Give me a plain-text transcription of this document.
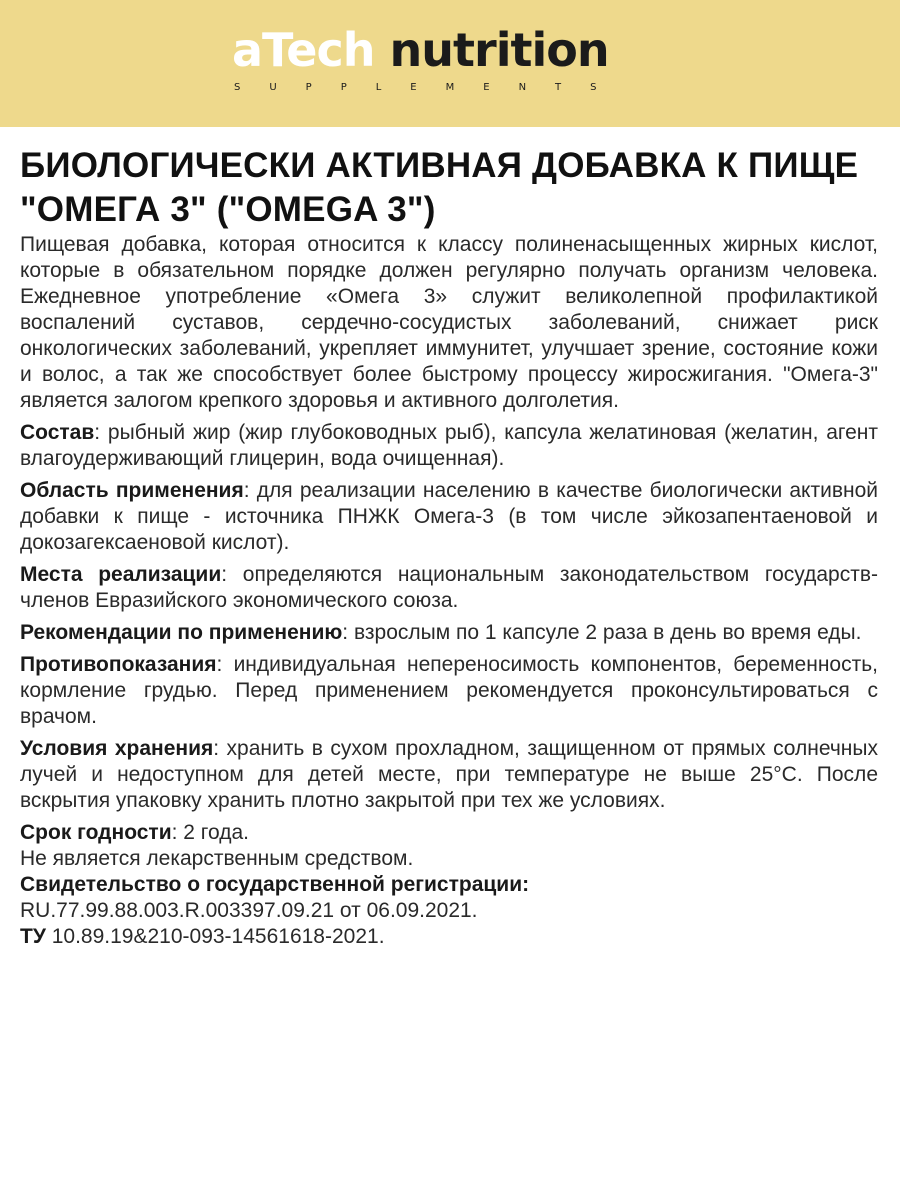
aTech nutrition
SUPPLEMENTS
БИОЛОГИЧЕСКИ АКТИВНАЯ ДОБАВКА К ПИЩЕ "ОМЕГА 3" ("OMEGA 3")

Пищевая добавка, которая относится к классу полиненасыщенных жирных кислот, которые в обязательном порядке должен регулярно получать организм человека. Ежедневное употребление «Омега 3» служит великолепной профилактикой воспалений суставов, сердечно-сосудистых заболеваний, снижает риск онкологических заболеваний, укрепляет иммунитет, улучшает зрение, состояние кожи и волос, а так же способствует более быстрому процессу жиросжигания. "Омега-3" является залогом крепкого здоровья и активного долголетия.

Состав: рыбный жир (жир глубоководных рыб), капсула желатиновая (желатин, агент влагоудерживающий глицерин, вода очищенная).

Область применения: для реализации населению в качестве биологически активной добавки к пище - источника ПНЖК Омега-3 (в том числе эйкозапентаеновой и докозагексаеновой кислот).

Места реализации: определяются национальным законодательством государств-членов Евразийского экономического союза.

Рекомендации по применению: взрослым по 1 капсуле 2 раза в день во время еды.

Противопоказания: индивидуальная непереносимость компонентов, беременность, кормление грудью. Перед применением рекомендуется проконсультироваться с врачом.

Условия хранения: хранить в сухом прохладном, защищенном от прямых солнечных лучей и недоступном для детей месте, при температуре не выше 25°C. После вскрытия упаковку хранить плотно закрытой при тех же условиях.

Срок годности: 2 года.

Не является лекарственным средством.

Свидетельство о государственной регистрации:

RU.77.99.88.003.R.003397.09.21 от 06.09.2021.

ТУ 10.89.19&210-093-14561618-2021.
